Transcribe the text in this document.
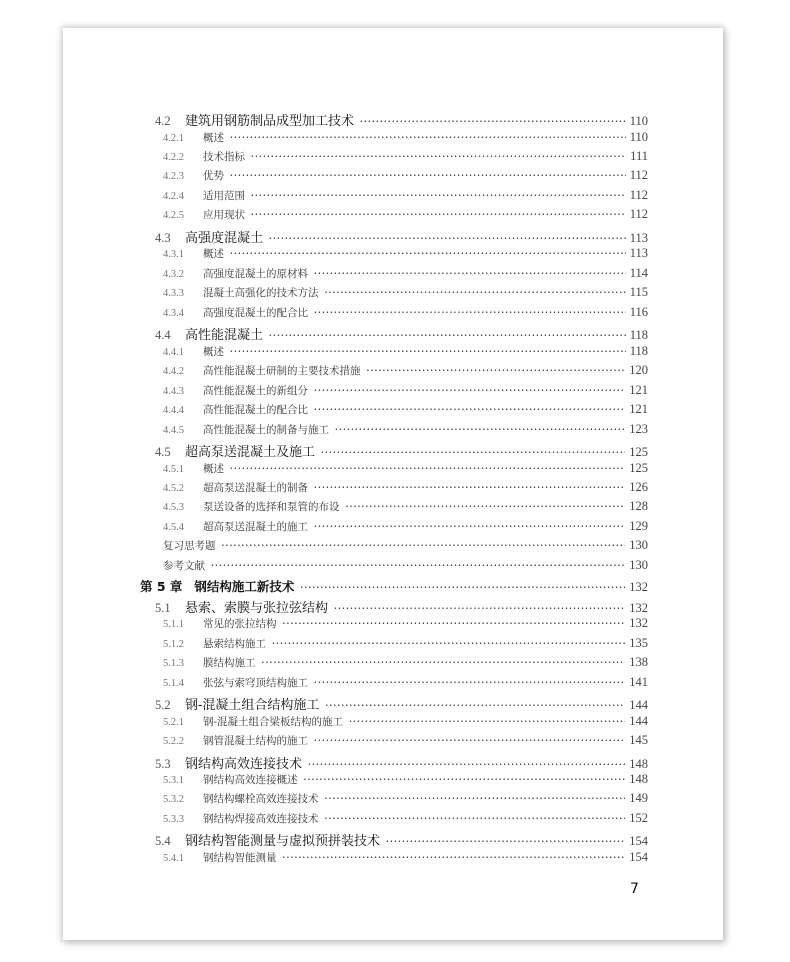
4.2	建筑用钢筋制品成型加工技术 ·····	110
4.2.1	概述 ·····	110
4.2.2	技术指标 ·····	111
4.2.3	优势 ·····	112
4.2.4	适用范围 ·····	112
4.2.5	应用现状 ·····	112
4.3	高强度混凝土 ·····	113
4.3.1	概述 ·····	113
4.3.2	高强度混凝土的原材料 ·····	114
4.3.3	混凝土高强化的技术方法 ·····	115
4.3.4	高强度混凝土的配合比 ·····	116
4.4	高性能混凝土 ·····	118
4.4.1	概述 ·····	118
4.4.2	高性能混凝土研制的主要技术措施 ·····	120
4.4.3	高性能混凝土的新组分 ·····	121
4.4.4	高性能混凝土的配合比 ·····	121
4.4.5	高性能混凝土的制备与施工 ·····	123
4.5	超高泵送混凝土及施工 ·····	125
4.5.1	概述 ·····	125
4.5.2	超高泵送混凝土的制备 ·····	126
4.5.3	泵送设备的选择和泵管的布设 ·····	128
4.5.4	超高泵送混凝土的施工 ·····	129
复习思考题 ·····	130
参考文献 ·····	130
第 5 章 钢结构施工新技术 ·····	132
5.1	悬索、索膜与张拉弦结构 ·····	132
5.1.1	常见的张拉结构 ·····	132
5.1.2	悬索结构施工 ·····	135
5.1.3	膜结构施工 ·····	138
5.1.4	张弦与索穹顶结构施工 ·····	141
5.2	钢-混凝土组合结构施工 ·····	144
5.2.1	钢-混凝土组合梁板结构的施工 ·····	144
5.2.2	钢管混凝土结构的施工 ·····	145
5.3	钢结构高效连接技术 ·····	148
5.3.1	钢结构高效连接概述 ·····	148
5.3.2	钢结构螺栓高效连接技术 ·····	149
5.3.3	钢结构焊接高效连接技术 ·····	152
5.4	钢结构智能测量与虚拟预拼装技术 ·····	154
5.4.1	钢结构智能测量 ·····	154
7
